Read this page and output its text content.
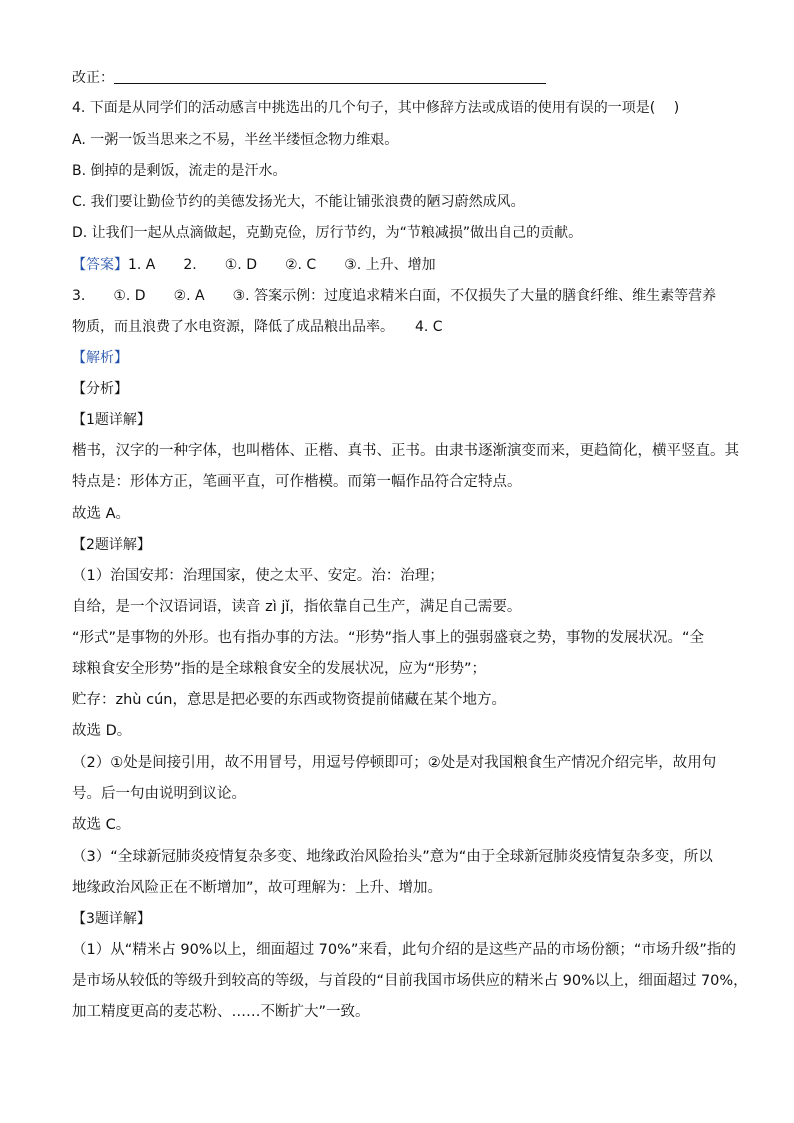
改正：
4. 下面是从同学们的活动感言中挑选出的几个句子，其中修辞方法或成语的使用有误的一项是(　 )
A. 一粥一饭当思来之不易，半丝半缕恒念物力维艰。
B. 倒掉的是剩饭，流走的是汗水。
C. 我们要让勤俭节约的美德发扬光大，不能让铺张浪费的陋习蔚然成风。
D. 让我们一起从点滴做起，克勤克俭，厉行节约，为“节粮减损”做出自己的贡献。
【答案】1. A　　2.　　①. D　　②. C　　③. 上升、增加
3.　　①. D　　②. A　　③. 答案示例：过度追求精米白面，不仅损失了大量的膳食纤维、维生素等营养
物质，而且浪费了水电资源，降低了成品粮出品率。　　4. C
【解析】
【分析】
【1题详解】
楷书，汉字的一种字体，也叫楷体、正楷、真书、正书。由隶书逐渐演变而来，更趋简化，横平竖直。其
特点是：形体方正，笔画平直，可作楷模。而第一幅作品符合定特点。
故选 A。
【2题详解】
（1）治国安邦：治理国家，使之太平、安定。治：治理；
自给，是一个汉语词语，读音 zì jǐ，指依靠自己生产，满足自己需要。
“形式”是事物的外形。也有指办事的方法。“形势”指人事上的强弱盛衰之势，事物的发展状况。“全
球粮食安全形势”指的是全球粮食安全的发展状况，应为“形势”；
贮存：zhù cún，意思是把必要的东西或物资提前储藏在某个地方。
故选 D。
（2）①处是间接引用，故不用冒号，用逗号停顿即可；②处是对我国粮食生产情况介绍完毕，故用句
号。后一句由说明到议论。
故选 C。
（3）“全球新冠肺炎疫情复杂多变、地缘政治风险抬头”意为“由于全球新冠肺炎疫情复杂多变，所以
地缘政治风险正在不断增加”，故可理解为：上升、增加。
【3题详解】
（1）从“精米占 90%以上，细面超过 70%”来看，此句介绍的是这些产品的市场份额；“市场升级”指的
是市场从较低的等级升到较高的等级，与首段的“目前我国市场供应的精米占 90%以上，细面超过 70%，
加工精度更高的麦芯粉、……不断扩大”一致。
